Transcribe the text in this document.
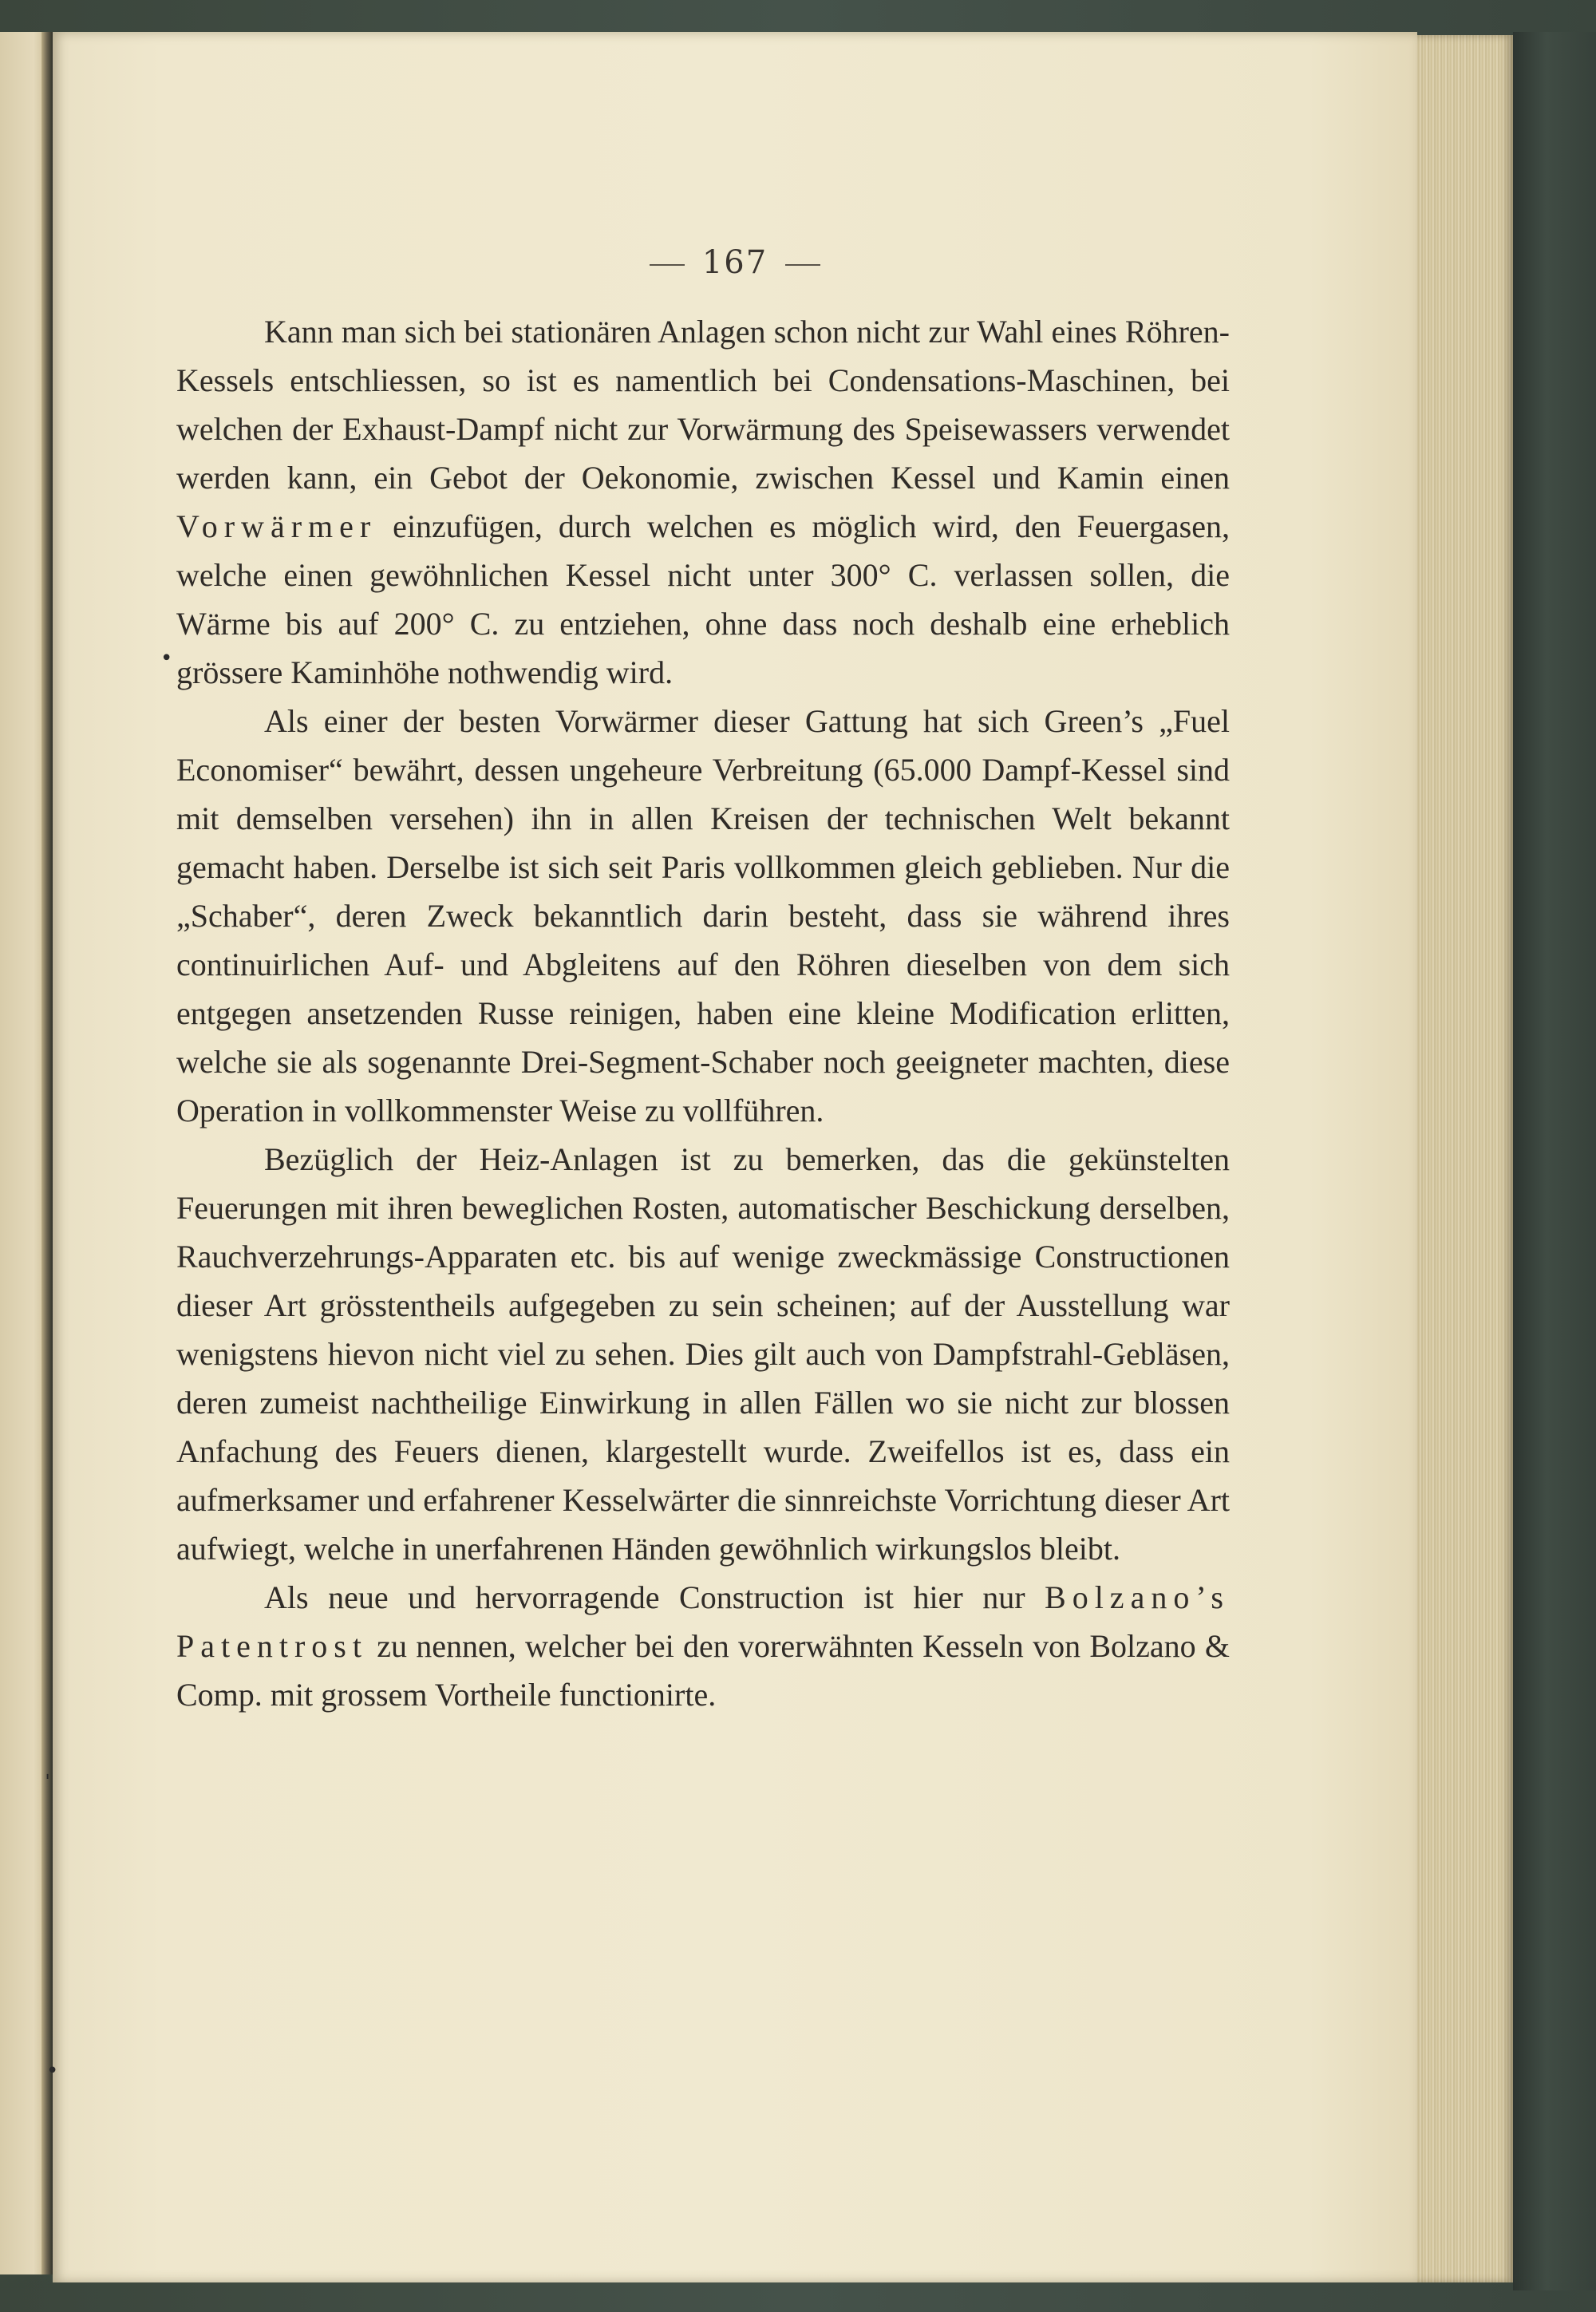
167

Kann man sich bei stationären Anlagen schon nicht zur Wahl eines Röhren-Kessels entschliessen, so ist es namentlich bei Condensations-Maschinen, bei welchen der Exhaust-Dampf nicht zur Vorwärmung des Speisewassers verwendet werden kann, ein Gebot der Oekonomie, zwischen Kessel und Kamin einen Vorwärmer einzufügen, durch welchen es möglich wird, den Feuergasen, welche einen gewöhnlichen Kessel nicht unter 300° C. verlassen sollen, die Wärme bis auf 200° C. zu entziehen, ohne dass noch deshalb eine erheblich grössere Kaminhöhe nothwendig wird.

Als einer der besten Vorwärmer dieser Gattung hat sich Green’s „Fuel Economiser“ bewährt, dessen ungeheure Verbreitung (65.000 Dampf-Kessel sind mit demselben versehen) ihn in allen Kreisen der technischen Welt bekannt gemacht haben. Derselbe ist sich seit Paris vollkommen gleich geblieben. Nur die „Schaber“, deren Zweck bekanntlich darin besteht, dass sie während ihres continuirlichen Auf- und Abgleitens auf den Röhren dieselben von dem sich entgegen ansetzenden Russe reinigen, haben eine kleine Modification erlitten, welche sie als sogenannte Drei-Segment-Schaber noch geeigneter machten, diese Operation in vollkommenster Weise zu vollführen.

Bezüglich der Heiz-Anlagen ist zu bemerken, das die gekünstelten Feuerungen mit ihren beweglichen Rosten, automatischer Beschickung derselben, Rauchverzehrungs-Apparaten etc. bis auf wenige zweckmässige Constructionen dieser Art grösstentheils aufgegeben zu sein scheinen; auf der Ausstellung war wenigstens hievon nicht viel zu sehen. Dies gilt auch von Dampfstrahl-Gebläsen, deren zumeist nachtheilige Einwirkung in allen Fällen wo sie nicht zur blossen Anfachung des Feuers dienen, klargestellt wurde. Zweifellos ist es, dass ein aufmerksamer und erfahrener Kesselwärter die sinnreichste Vorrichtung dieser Art aufwiegt, welche in unerfahrenen Händen gewöhnlich wirkungslos bleibt.

Als neue und hervorragende Construction ist hier nur Bolzano’s Patentrost zu nennen, welcher bei den vorerwähnten Kesseln von Bolzano & Comp. mit grossem Vortheile functionirte.

•
ˈ
•
